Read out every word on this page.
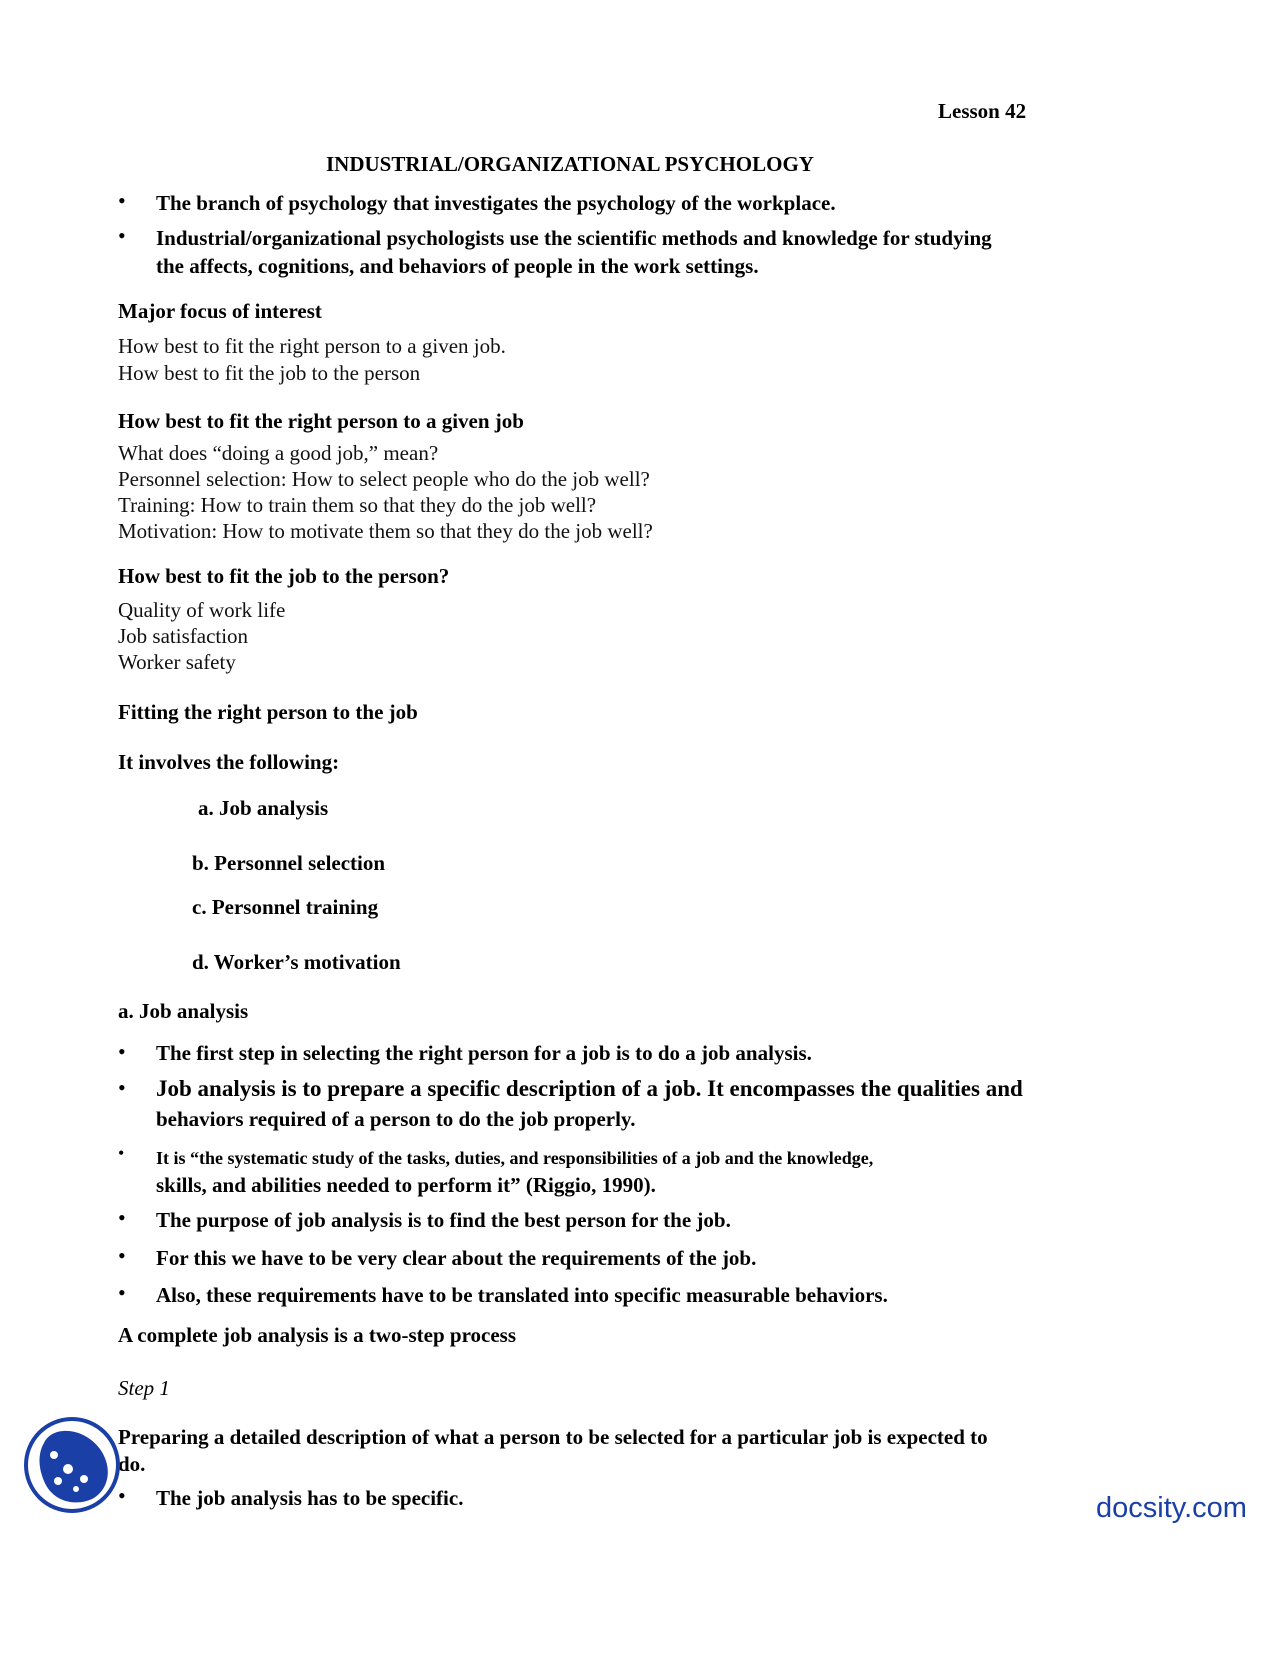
Lesson 42
INDUSTRIAL/ORGANIZATIONAL PSYCHOLOGY
• The branch of psychology that investigates the psychology of the workplace.
• Industrial/organizational psychologists use the scientific methods and knowledge for studying
the affects, cognitions, and behaviors of people in the work settings.
Major focus of interest
How best to fit the right person to a given job.
How best to fit the job to the person
How best to fit the right person to a given job
What does “doing a good job,” mean?
Personnel selection: How to select people who do the job well?
Training: How to train them so that they do the job well?
Motivation: How to motivate them so that they do the job well?
How best to fit the job to the person?
Quality of work life
Job satisfaction
Worker safety
Fitting the right person to the job
It involves the following:
a. Job analysis
b. Personnel selection
c. Personnel training
d. Worker’s motivation
a. Job analysis
• The first step in selecting the right person for a job is to do a job analysis.
• Job analysis is to prepare a specific description of a job. It encompasses the qualities and
behaviors required of a person to do the job properly.
• It is “the systematic study of the tasks, duties, and responsibilities of a job and the knowledge,
skills, and abilities needed to perform it” (Riggio, 1990).
• The purpose of job analysis is to find the best person for the job.
• For this we have to be very clear about the requirements of the job.
• Also, these requirements have to be translated into specific measurable behaviors.
A complete job analysis is a two-step process
Step 1
Preparing a detailed description of what a person to be selected for a particular job is expected to
do.
• The job analysis has to be specific.	docsity.com
